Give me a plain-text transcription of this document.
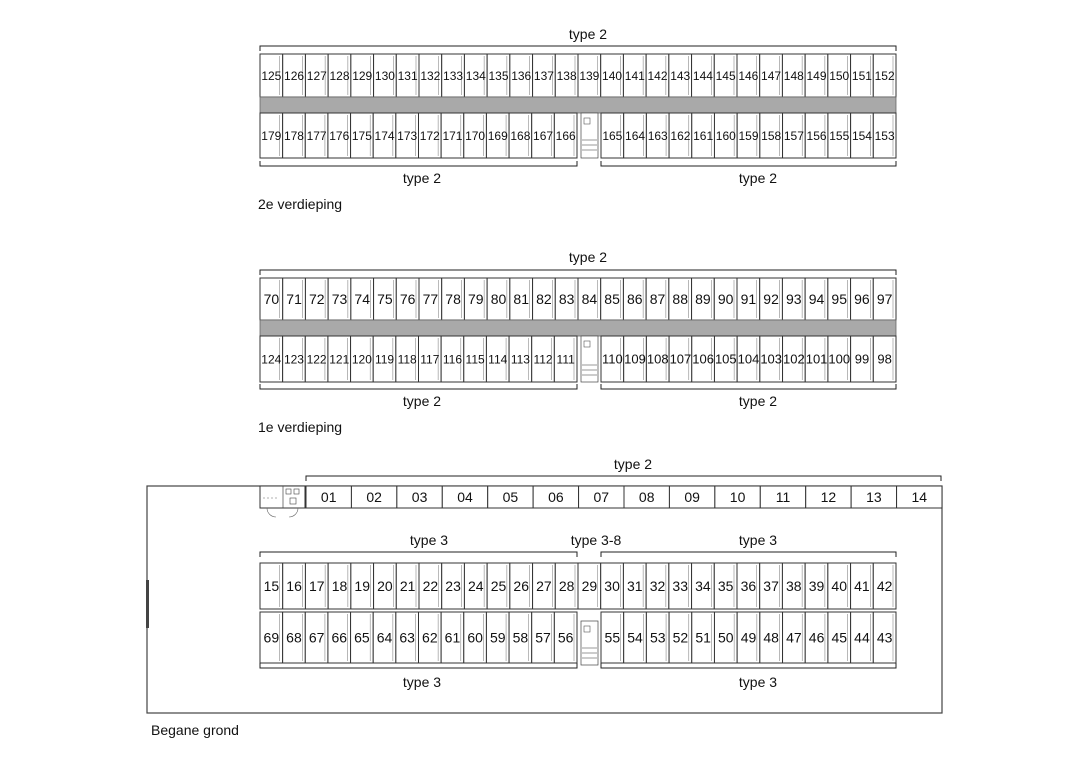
type 2
125 126 127 128 129 130 131 132 133 134 135 136 137 138 139 140 141 142 143 144 145 146 147 148 149 150 151 152
179 178 177 176 175 174 173 172 171 170 169 168 167 166 165 164 163 162 161 160 159 158 157 156 155 154 153
type 2	type 2
2e verdieping
type 2
70 71 72 73 74 75 76 77 78 79 80 81 82 83 84 85 86 87 88 89 90 91 92 93 94 95 96 97
124 123 122 121 120 119 118 117 116 115 114 113 112 111 110 109 108 107 106 105 104 103 102 101 100 99 98
type 2	type 2
1e verdieping
type 2
01 02 03 04 05 06 07 08 09 10 11 12 13 14
type 3	type 3-8	type 3
15 16 17 18 19 20 21 22 23 24 25 26 27 28 29 30 31 32 33 34 35 36 37 38 39 40 41 42
69 68 67 66 65 64 63 62 61 60 59 58 57 56 55 54 53 52 51 50 49 48 47 46 45 44 43
type 3	type 3
Begane grond
